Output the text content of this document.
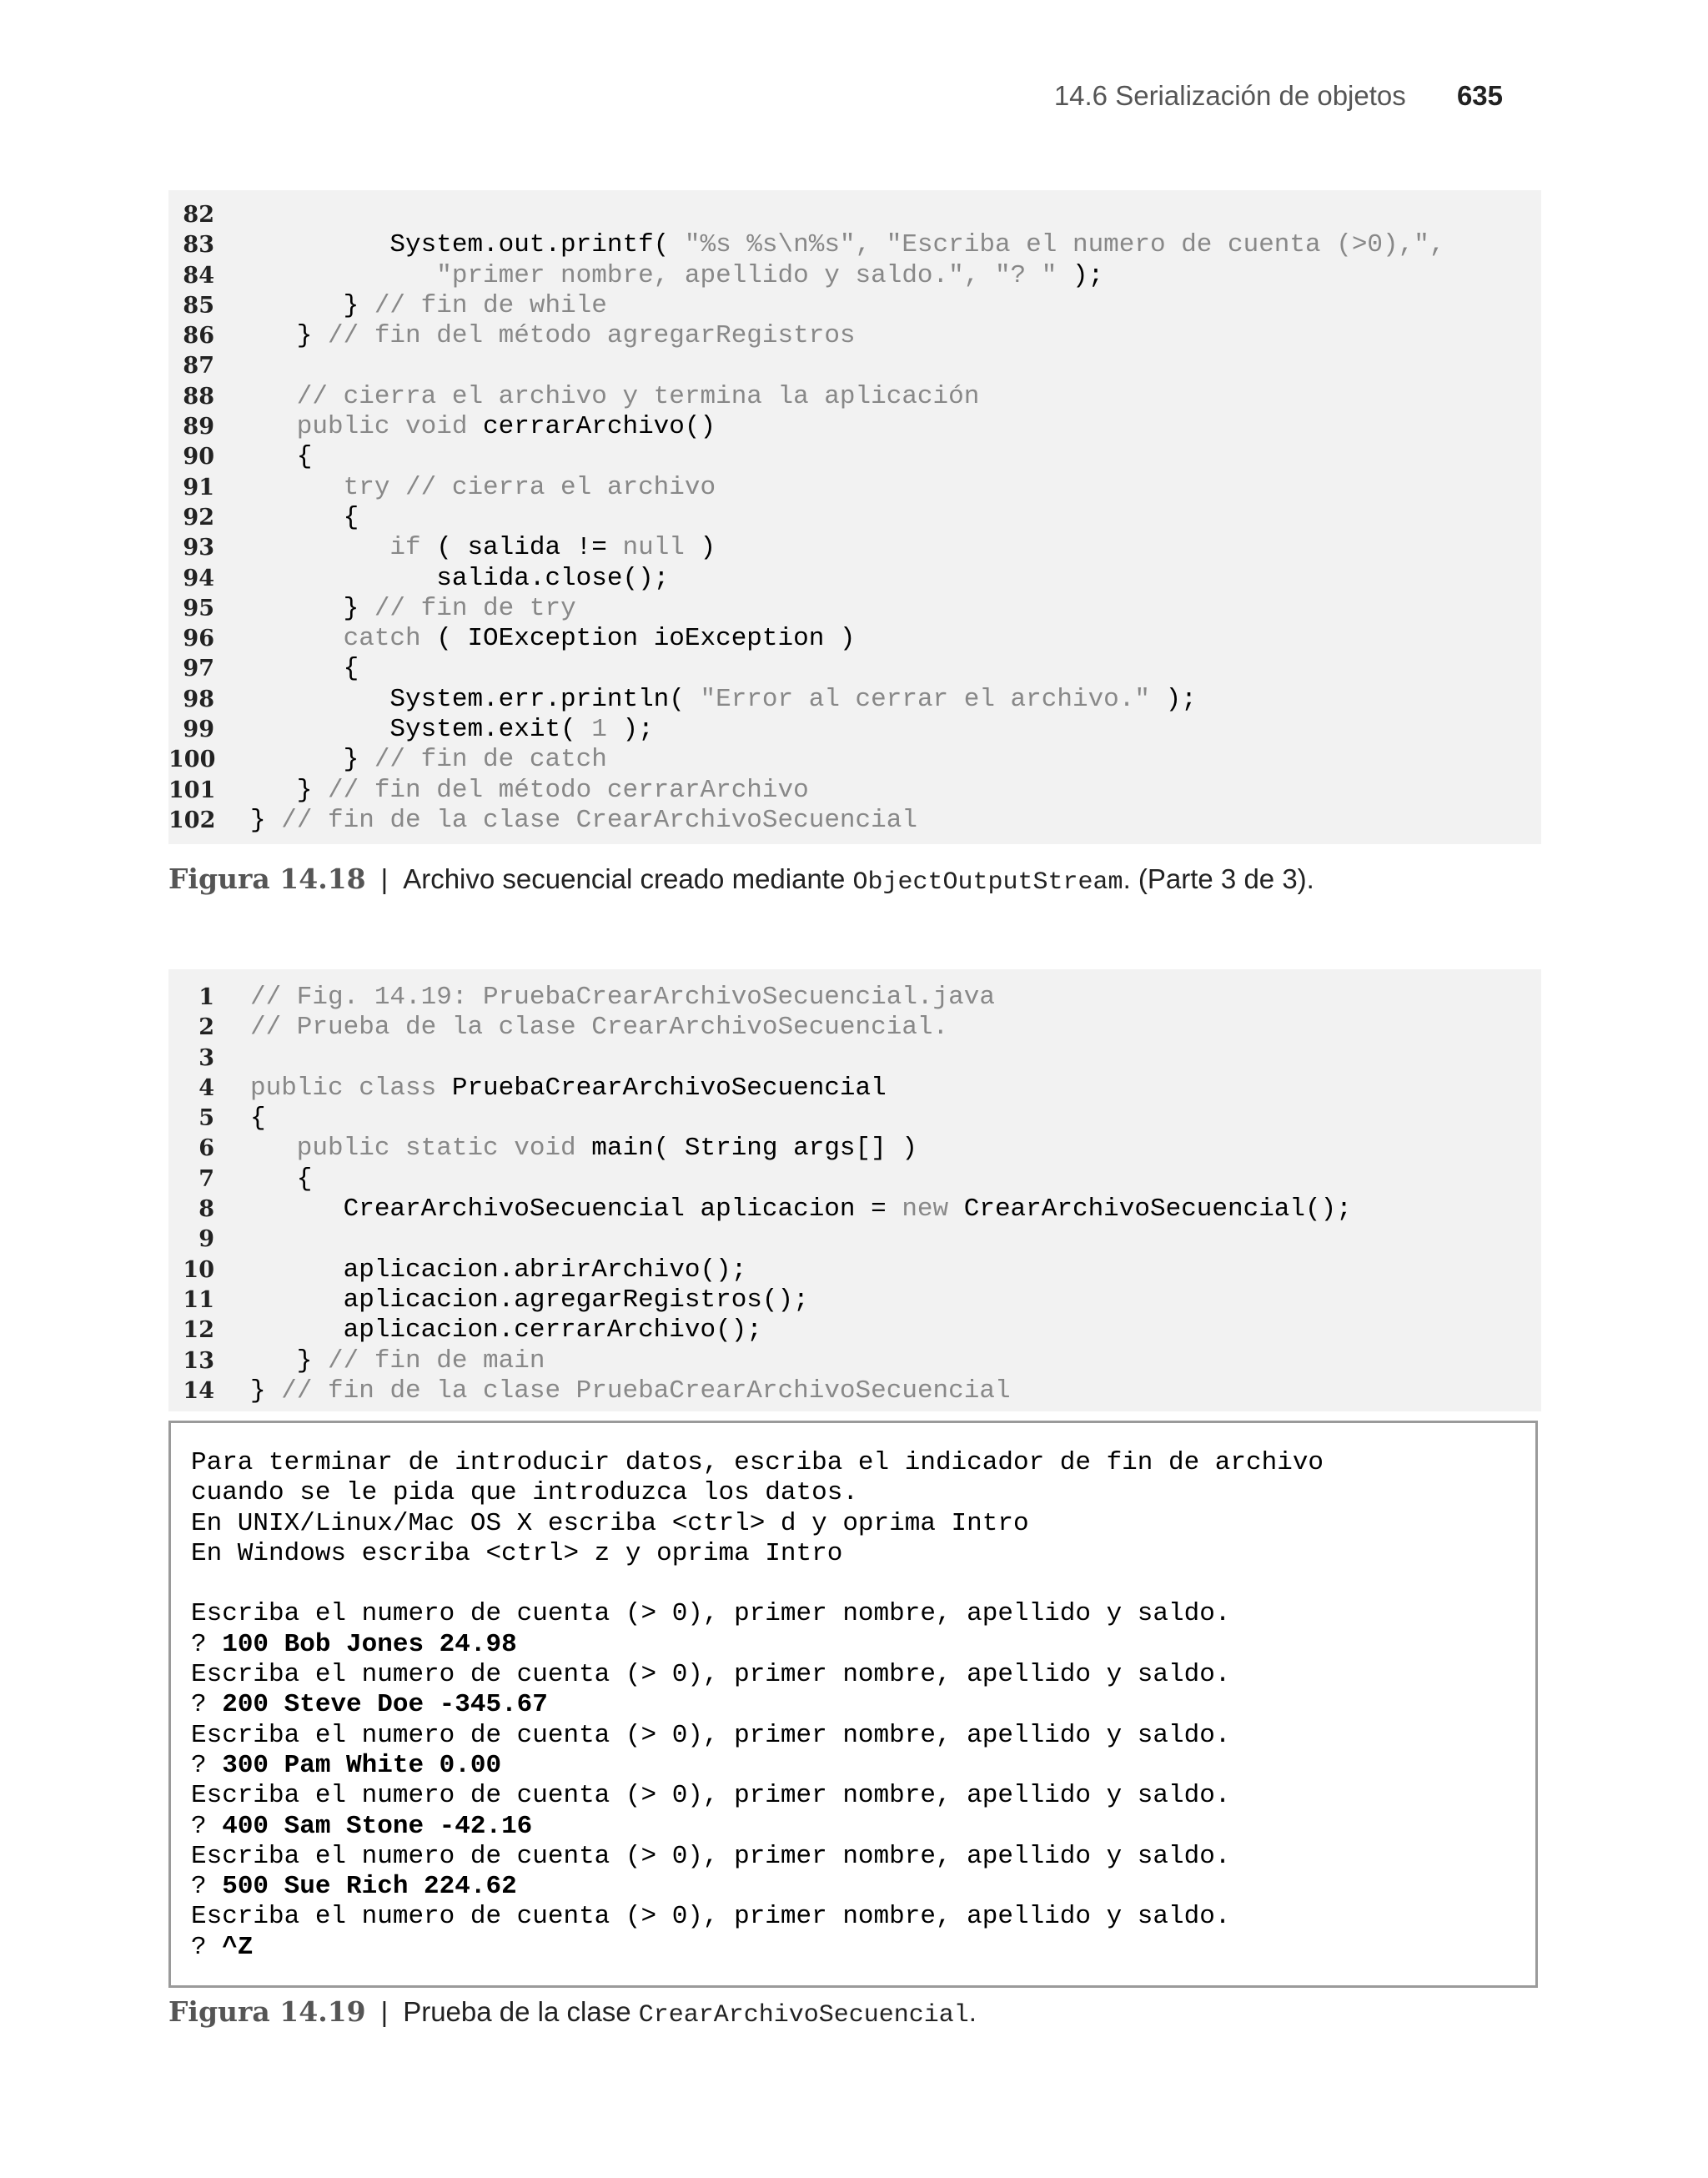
14.6 Serialización de objetos 635
82
83	System.out.printf( "%s %s\n%s", "Escriba el numero de cuenta (>0),",
84	"primer nombre, apellido y saldo.", "? " );
85	} // fin de while
86	} // fin del método agregarRegistros
87
88	// cierra el archivo y termina la aplicación
89	public void cerrarArchivo()
90	{
91	try // cierra el archivo
92	{
93	if ( salida != null )
94	salida.close();
95	} // fin de try
96	catch ( IOException ioException )
97	{
98	System.err.println( "Error al cerrar el archivo." );
99	System.exit( 1 );
100	} // fin de catch
101	} // fin del método cerrarArchivo
102	} // fin de la clase CrearArchivoSecuencial
Figura 14.18 | Archivo secuencial creado mediante ObjectOutputStream. (Parte 3 de 3).
1	// Fig. 14.19: PruebaCrearArchivoSecuencial.java
2	// Prueba de la clase CrearArchivoSecuencial.
3
4	public class PruebaCrearArchivoSecuencial
5	{
6	public static void main( String args[] )
7	{
8	CrearArchivoSecuencial aplicacion = new CrearArchivoSecuencial();
9
10	aplicacion.abrirArchivo();
11	aplicacion.agregarRegistros();
12	aplicacion.cerrarArchivo();
13	} // fin de main
14	} // fin de la clase PruebaCrearArchivoSecuencial
Para terminar de introducir datos, escriba el indicador de fin de archivo
cuando se le pida que introduzca los datos.
En UNIX/Linux/Mac OS X escriba <ctrl> d y oprima Intro
En Windows escriba <ctrl> z y oprima Intro
Escriba el numero de cuenta (> 0), primer nombre, apellido y saldo.
? 100 Bob Jones 24.98
Escriba el numero de cuenta (> 0), primer nombre, apellido y saldo.
? 200 Steve Doe -345.67
Escriba el numero de cuenta (> 0), primer nombre, apellido y saldo.
? 300 Pam White 0.00
Escriba el numero de cuenta (> 0), primer nombre, apellido y saldo.
? 400 Sam Stone -42.16
Escriba el numero de cuenta (> 0), primer nombre, apellido y saldo.
? 500 Sue Rich 224.62
Escriba el numero de cuenta (> 0), primer nombre, apellido y saldo.
? ^Z
Figura 14.19 | Prueba de la clase CrearArchivoSecuencial.
